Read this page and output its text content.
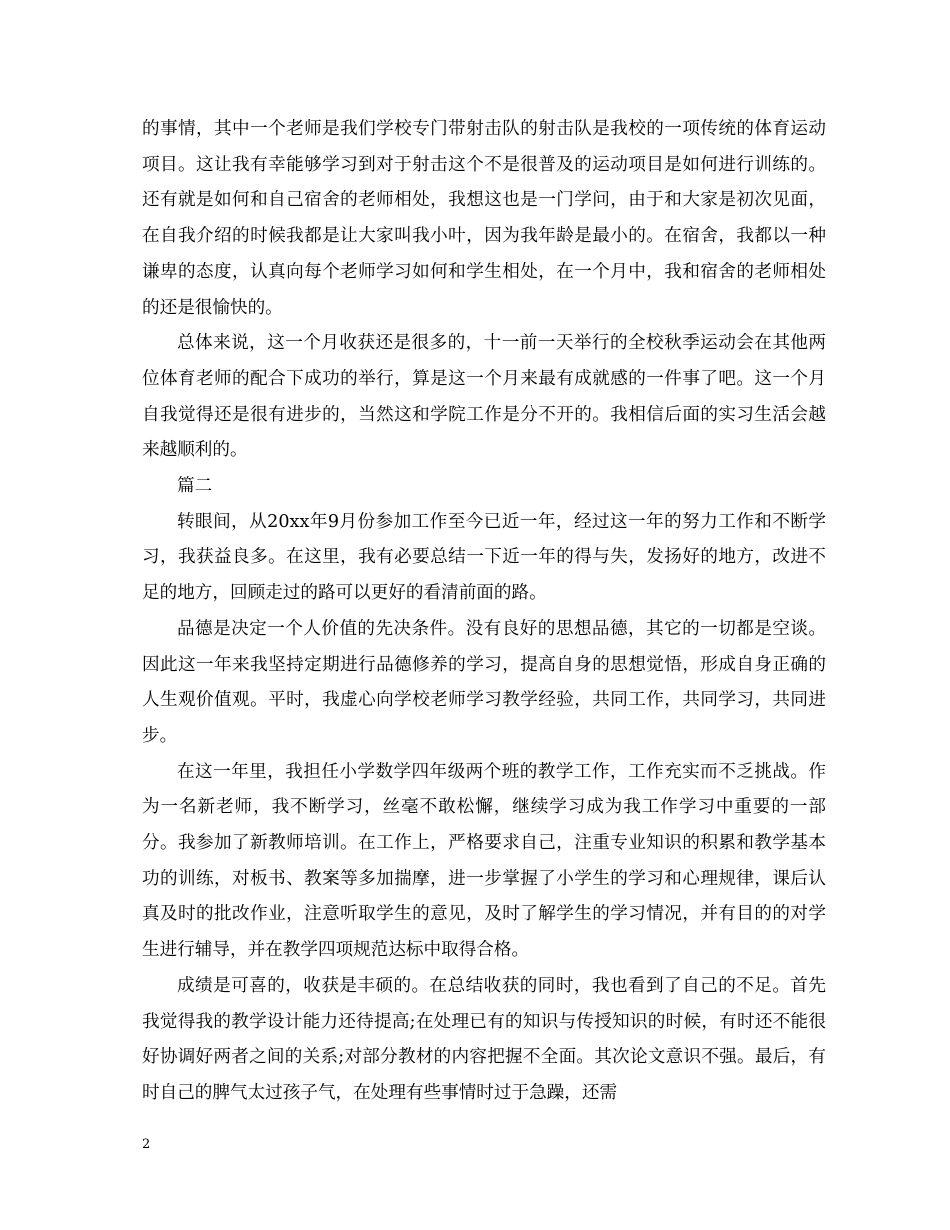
的事情，其中一个老师是我们学校专门带射击队的射击队是我校的一项传统的体育运动项目。这让我有幸能够学习到对于射击这个不是很普及的运动项目是如何进行训练的。还有就是如何和自己宿舍的老师相处，我想这也是一门学问，由于和大家是初次见面，在自我介绍的时候我都是让大家叫我小叶，因为我年龄是最小的。在宿舍，我都以一种谦卑的态度，认真向每个老师学习如何和学生相处，在一个月中，我和宿舍的老师相处的还是很愉快的。

总体来说，这一个月收获还是很多的，十一前一天举行的全校秋季运动会在其他两位体育老师的配合下成功的举行，算是这一个月来最有成就感的一件事了吧。这一个月自我觉得还是很有进步的，当然这和学院工作是分不开的。我相信后面的实习生活会越来越顺利的。

篇二

转眼间，从20xx年9月份参加工作至今已近一年，经过这一年的努力工作和不断学习，我获益良多。在这里，我有必要总结一下近一年的得与失，发扬好的地方，改进不足的地方，回顾走过的路可以更好的看清前面的路。

品德是决定一个人价值的先决条件。没有良好的思想品德，其它的一切都是空谈。因此这一年来我坚持定期进行品德修养的学习，提高自身的思想觉悟，形成自身正确的人生观价值观。平时，我虚心向学校老师学习教学经验，共同工作，共同学习，共同进步。

在这一年里，我担任小学数学四年级两个班的教学工作，工作充实而不乏挑战。作为一名新老师，我不断学习，丝毫不敢松懈，继续学习成为我工作学习中重要的一部分。我参加了新教师培训。在工作上，严格要求自己，注重专业知识的积累和教学基本功的训练，对板书、教案等多加揣摩，进一步掌握了小学生的学习和心理规律，课后认真及时的批改作业，注意听取学生的意见，及时了解学生的学习情况，并有目的的对学生进行辅导，并在教学四项规范达标中取得合格。

成绩是可喜的，收获是丰硕的。在总结收获的同时，我也看到了自己的不足。首先我觉得我的教学设计能力还待提高;在处理已有的知识与传授知识的时候，有时还不能很好协调好两者之间的关系;对部分教材的内容把握不全面。其次论文意识不强。最后，有时自己的脾气太过孩子气，在处理有些事情时过于急躁，还需

2
